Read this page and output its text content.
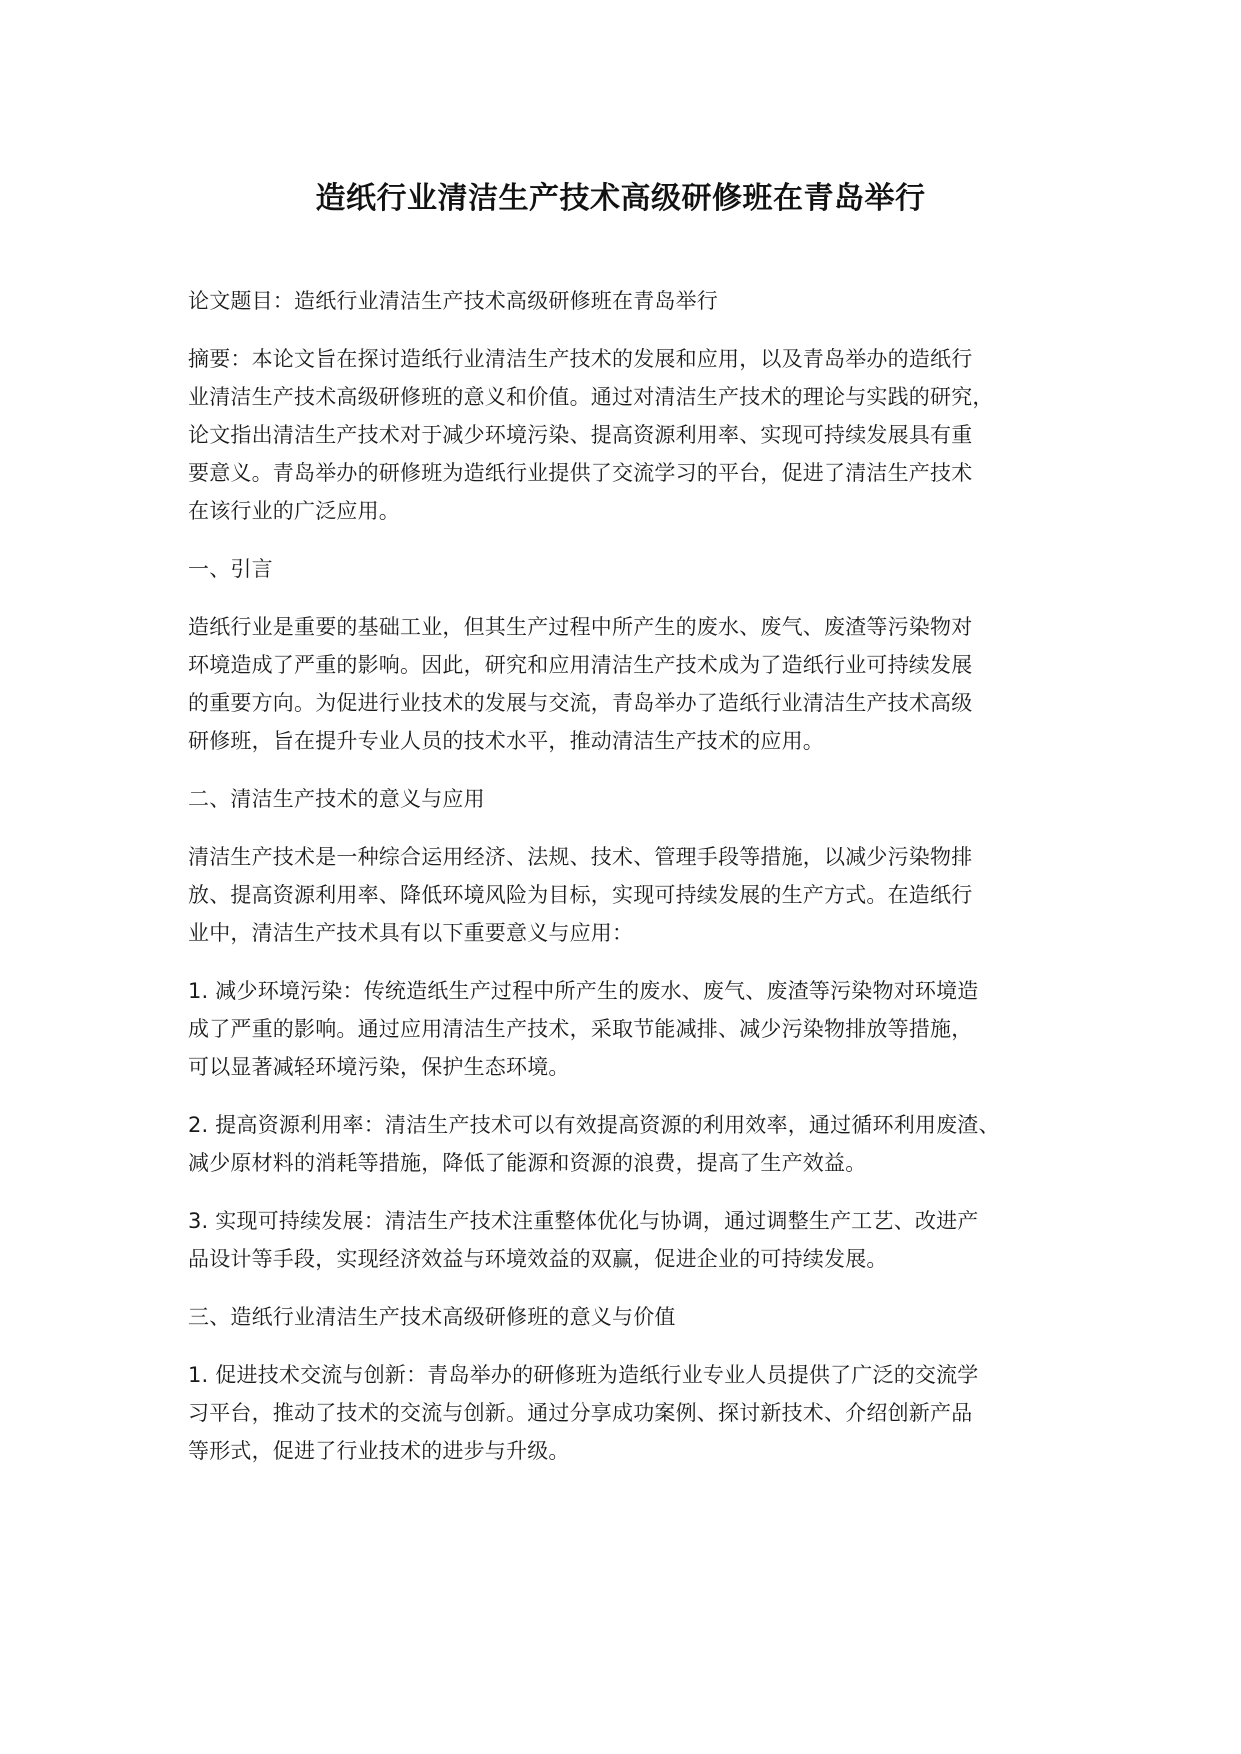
造纸行业清洁生产技术高级研修班在青岛举行
论文题目：造纸行业清洁生产技术高级研修班在青岛举行
摘要：本论文旨在探讨造纸行业清洁生产技术的发展和应用，以及青岛举办的造纸行
业清洁生产技术高级研修班的意义和价值。通过对清洁生产技术的理论与实践的研究，
论文指出清洁生产技术对于减少环境污染、提高资源利用率、实现可持续发展具有重
要意义。青岛举办的研修班为造纸行业提供了交流学习的平台，促进了清洁生产技术
在该行业的广泛应用。
一、引言
造纸行业是重要的基础工业，但其生产过程中所产生的废水、废气、废渣等污染物对
环境造成了严重的影响。因此，研究和应用清洁生产技术成为了造纸行业可持续发展
的重要方向。为促进行业技术的发展与交流，青岛举办了造纸行业清洁生产技术高级
研修班，旨在提升专业人员的技术水平，推动清洁生产技术的应用。
二、清洁生产技术的意义与应用
清洁生产技术是一种综合运用经济、法规、技术、管理手段等措施，以减少污染物排
放、提高资源利用率、降低环境风险为目标，实现可持续发展的生产方式。在造纸行
业中，清洁生产技术具有以下重要意义与应用：
1. 减少环境污染：传统造纸生产过程中所产生的废水、废气、废渣等污染物对环境造
成了严重的影响。通过应用清洁生产技术，采取节能减排、减少污染物排放等措施，
可以显著减轻环境污染，保护生态环境。
2. 提高资源利用率：清洁生产技术可以有效提高资源的利用效率，通过循环利用废渣、
减少原材料的消耗等措施，降低了能源和资源的浪费，提高了生产效益。
3. 实现可持续发展：清洁生产技术注重整体优化与协调，通过调整生产工艺、改进产
品设计等手段，实现经济效益与环境效益的双赢，促进企业的可持续发展。
三、造纸行业清洁生产技术高级研修班的意义与价值
1. 促进技术交流与创新：青岛举办的研修班为造纸行业专业人员提供了广泛的交流学
习平台，推动了技术的交流与创新。通过分享成功案例、探讨新技术、介绍创新产品
等形式，促进了行业技术的进步与升级。
